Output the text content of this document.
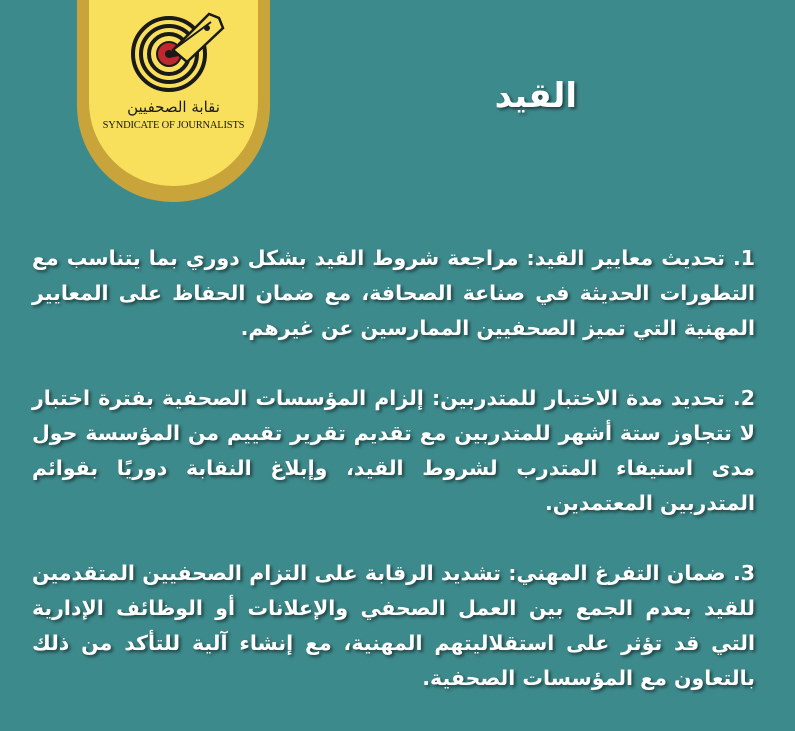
نقابة الصحفيين
SYNDICATE OF JOURNALISTS
القيد

1. تحديث معايير القيد: مراجعة شروط القيد بشكل دوري بما يتناسب مع التطورات الحديثة في صناعة الصحافة، مع ضمان الحفاظ على المعايير المهنية التي تميز الصحفيين الممارسين عن غيرهم.

2. تحديد مدة الاختبار للمتدربين: إلزام المؤسسات الصحفية بفترة اختبار لا تتجاوز ستة أشهر للمتدربين مع تقديم تقرير تقييم من المؤسسة حول مدى استيفاء المتدرب لشروط القيد، وإبلاغ النقابة دوريًا بقوائم المتدربين المعتمدين.

3. ضمان التفرغ المهني: تشديد الرقابة على التزام الصحفيين المتقدمين للقيد بعدم الجمع بين العمل الصحفي والإعلانات أو الوظائف الإدارية التي قد تؤثر على استقلاليتهم المهنية، مع إنشاء آلية للتأكد من ذلك بالتعاون مع المؤسسات الصحفية.
